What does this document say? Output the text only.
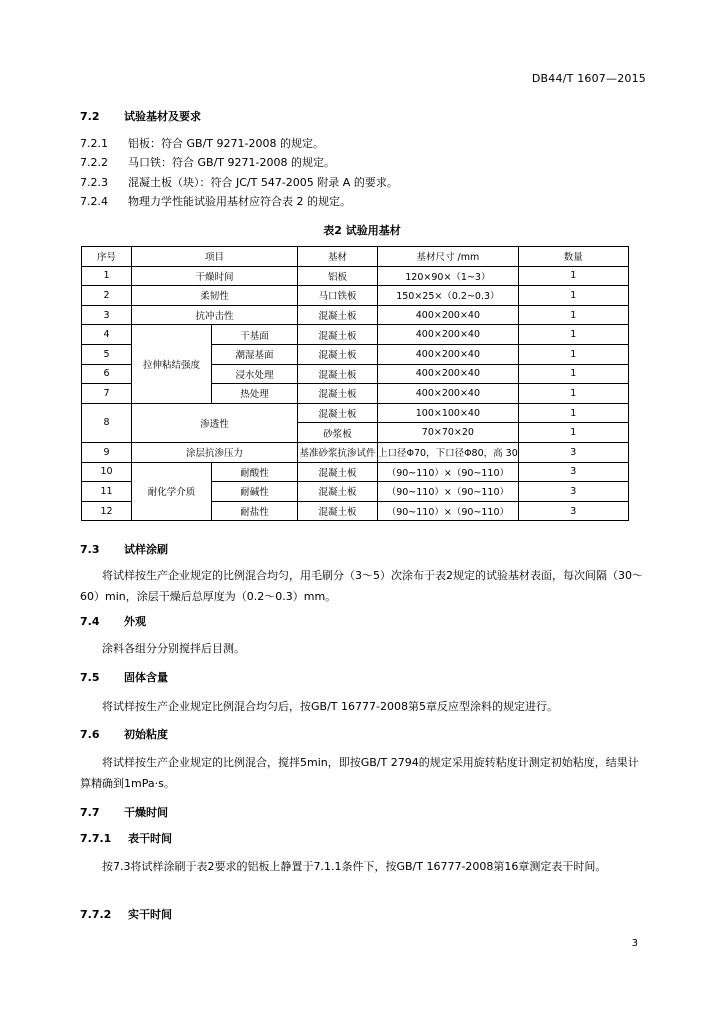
DB44/T 1607—2015
7.2 试验基材及要求
7.2.1 铝板：符合 GB/T 9271-2008 的规定。
7.2.2 马口铁：符合 GB/T 9271-2008 的规定。
7.2.3 混凝土板（块）：符合 JC/T 547-2005 附录 A 的要求。
7.2.4 物理力学性能试验用基材应符合表 2 的规定。
表2 试验用基材
序号	项目		基材	基材尺寸 /mm	数量
1	干燥时间		铝板	120×90×（1~3）	1
2	柔韧性		马口铁板	150×25×（0.2~0.3）	1
3	抗冲击性		混凝土板	400×200×40	1
4	拉伸粘结强度	干基面	混凝土板	400×200×40	1
5		潮湿基面	混凝土板	400×200×40	1
6		浸水处理	混凝土板	400×200×40	1
7		热处理	混凝土板	400×200×40	1
8	渗透性		混凝土板	100×100×40	1
			砂浆板	70×70×20	1
9	涂层抗渗压力		基准砂浆抗渗试件	上口径Φ70，下口径Φ80，高 30	3
10	耐化学介质	耐酸性	混凝土板	（90~110）×（90~110）	3
11		耐碱性	混凝土板	（90~110）×（90~110）	3
12		耐盐性	混凝土板	（90~110）×（90~110）	3
7.3 试样涂刷
将试样按生产企业规定的比例混合均匀，用毛刷分（3～5）次涂布于表2规定的试验基材表面，每次间隔（30～60）min，涂层干燥后总厚度为（0.2～0.3）mm。
7.4 外观
涂料各组分分别搅拌后目测。
7.5 固体含量
将试样按生产企业规定比例混合均匀后，按GB/T 16777-2008第5章反应型涂料的规定进行。
7.6 初始粘度
将试样按生产企业规定的比例混合，搅拌5min，即按GB/T 2794的规定采用旋转粘度计测定初始粘度，结果计算精确到1mPa·s。
7.7 干燥时间
7.7.1 表干时间
按7.3将试样涂刷于表2要求的铝板上静置于7.1.1条件下，按GB/T 16777-2008第16章测定表干时间。
7.7.2 实干时间
3
